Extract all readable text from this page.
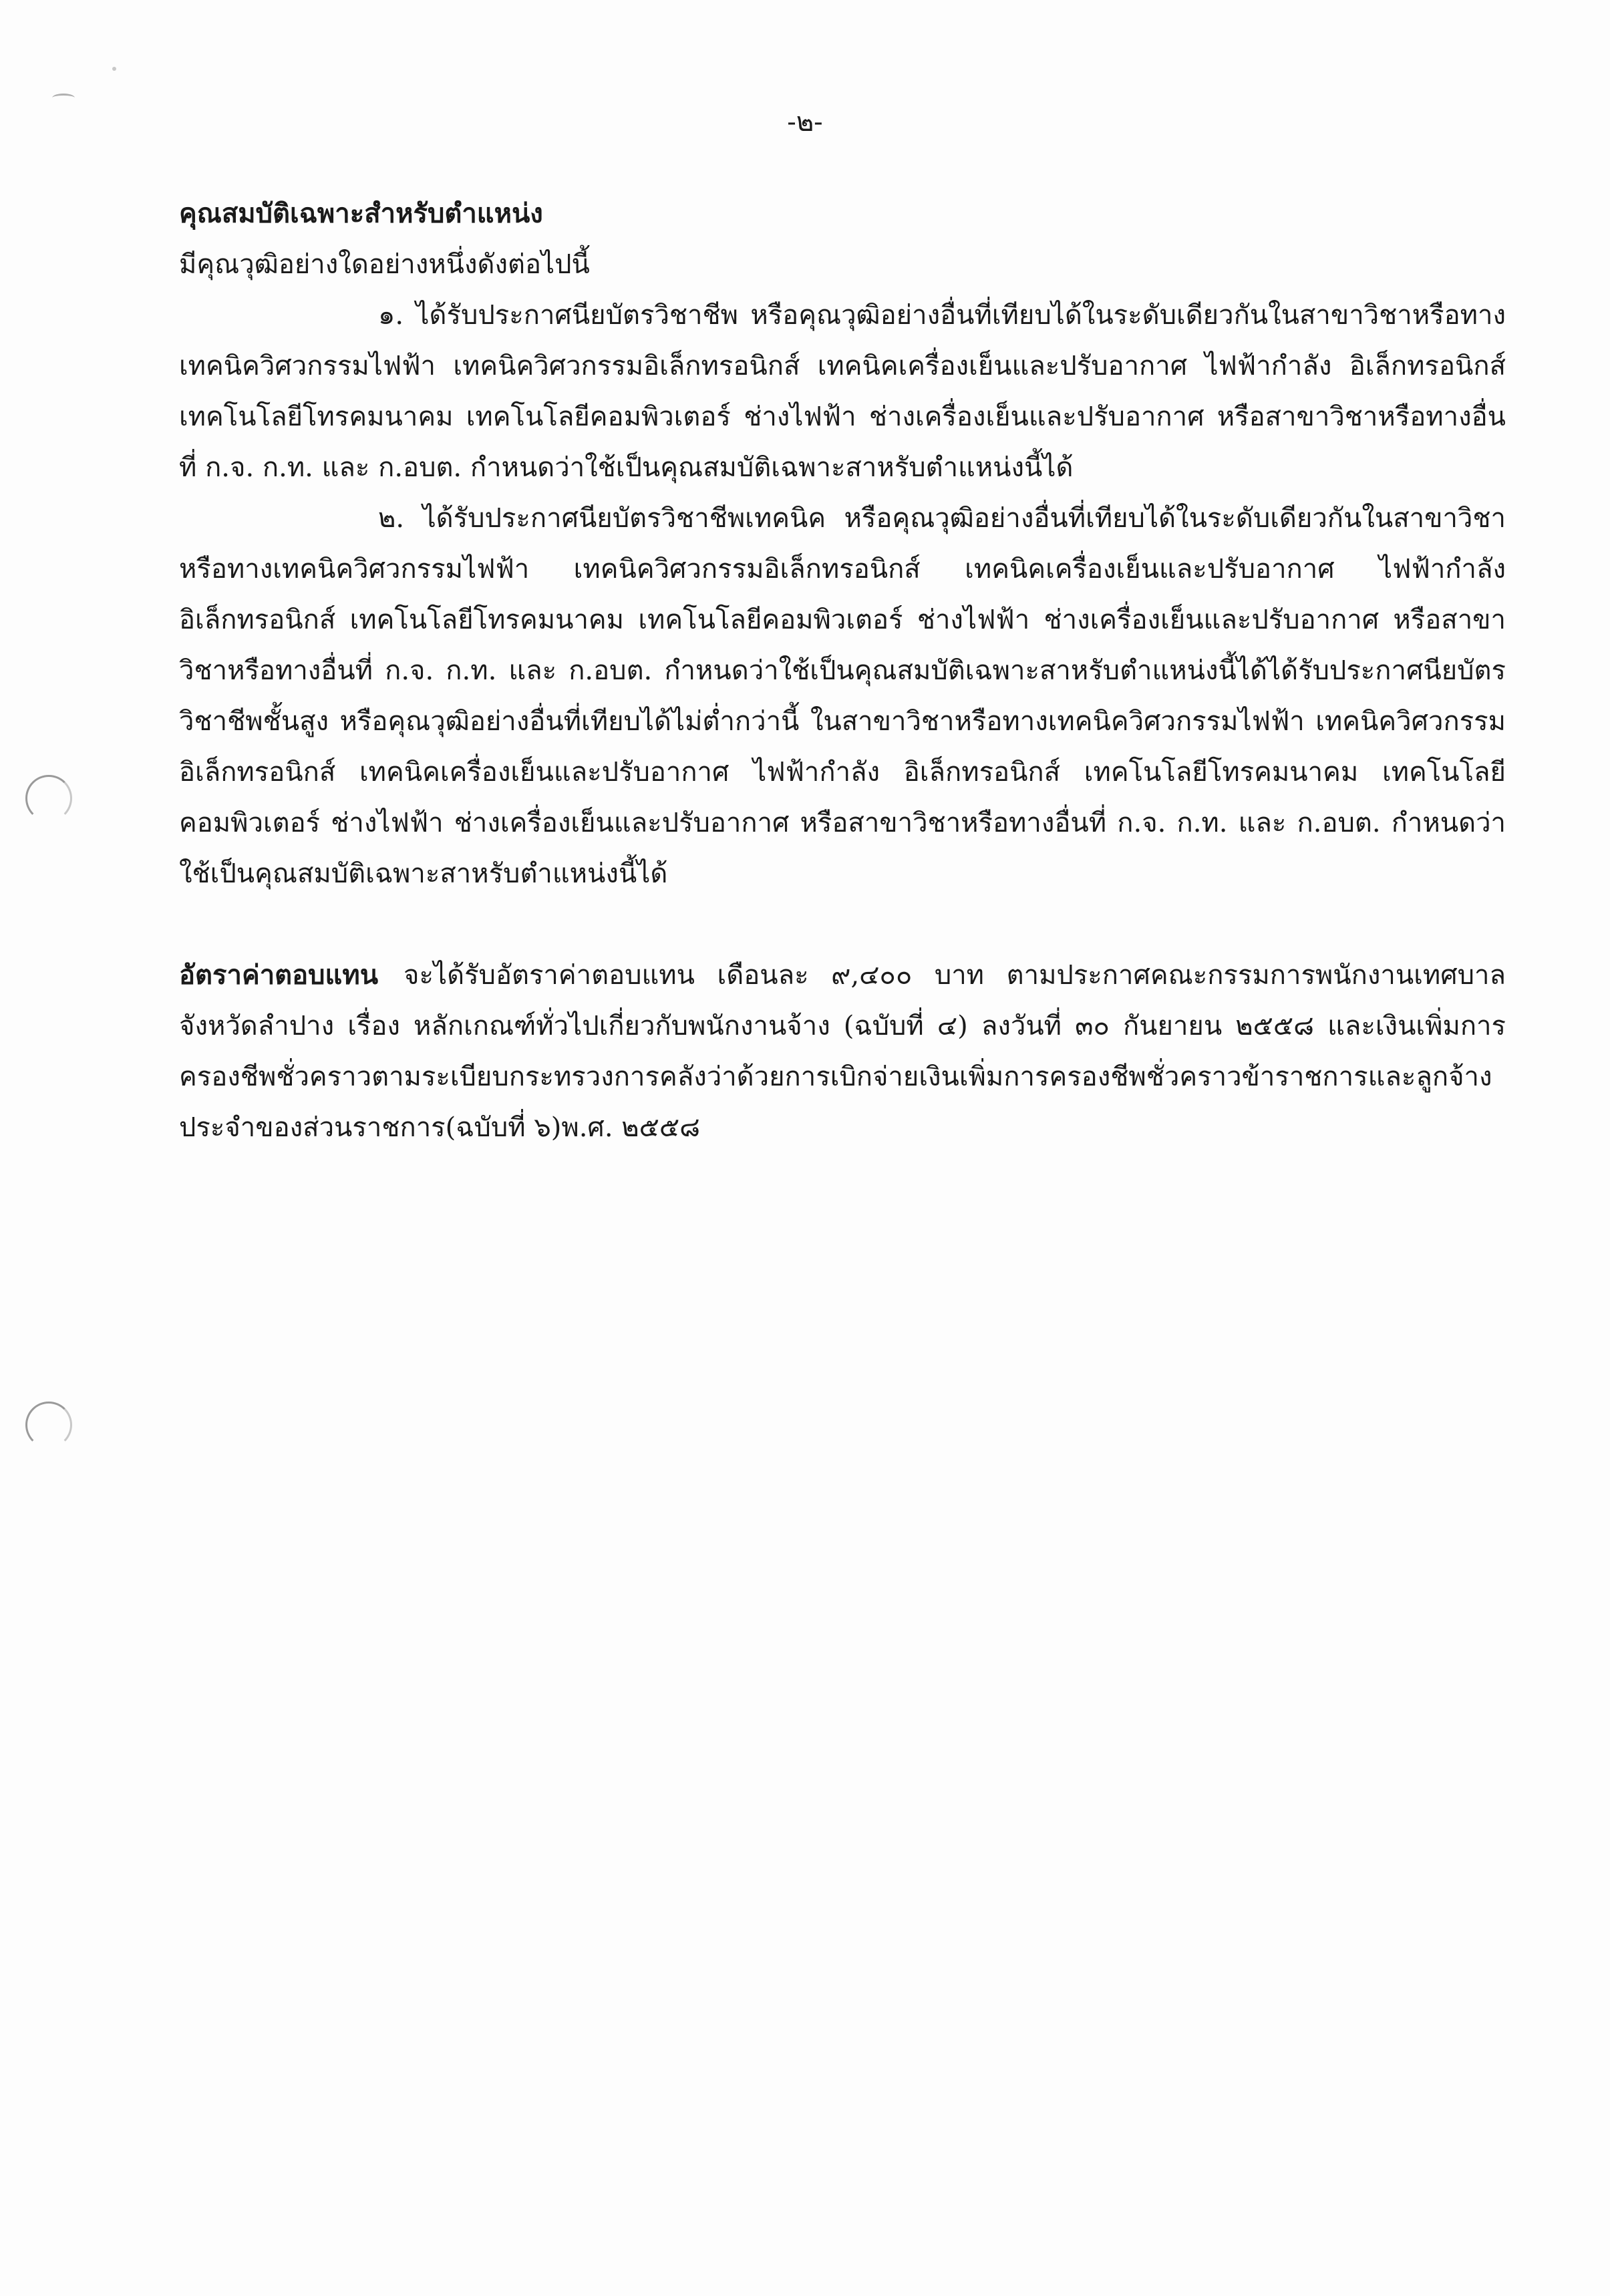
-๒-

คุณสมบัติเฉพาะสำหรับตำแหน่ง

มีคุณวุฒิอย่างใดอย่างหนึ่งดังต่อไปนี้

๑. ได้รับประกาศนียบัตรวิชาชีพ หรือคุณวุฒิอย่างอื่นที่เทียบได้ในระดับเดียวกันในสาขาวิชาหรือทางเทคนิควิศวกรรมไฟฟ้า เทคนิควิศวกรรมอิเล็กทรอนิกส์ เทคนิคเครื่องเย็นและปรับอากาศ ไฟฟ้ากำลัง อิเล็กทรอนิกส์ เทคโนโลยีโทรคมนาคม เทคโนโลยีคอมพิวเตอร์ ช่างไฟฟ้า ช่างเครื่องเย็นและปรับอากาศ หรือสาขาวิชาหรือทางอื่นที่ ก.จ. ก.ท. และ ก.อบต. กำหนดว่าใช้เป็นคุณสมบัติเฉพาะสาหรับตำแหน่งนี้ได้

๒. ได้รับประกาศนียบัตรวิชาชีพเทคนิค หรือคุณวุฒิอย่างอื่นที่เทียบได้ในระดับเดียวกันในสาขาวิชาหรือทางเทคนิควิศวกรรมไฟฟ้า เทคนิควิศวกรรมอิเล็กทรอนิกส์ เทคนิคเครื่องเย็นและปรับอากาศ ไฟฟ้ากำลัง อิเล็กทรอนิกส์ เทคโนโลยีโทรคมนาคม เทคโนโลยีคอมพิวเตอร์ ช่างไฟฟ้า ช่างเครื่องเย็นและปรับอากาศ หรือสาขาวิชาหรือทางอื่นที่ ก.จ. ก.ท. และ ก.อบต. กำหนดว่าใช้เป็นคุณสมบัติเฉพาะสาหรับตำแหน่งนี้ได้ได้รับประกาศนียบัตรวิชาชีพชั้นสูง หรือคุณวุฒิอย่างอื่นที่เทียบได้ไม่ต่ำกว่านี้ ในสาขาวิชาหรือทางเทคนิควิศวกรรมไฟฟ้า เทคนิควิศวกรรมอิเล็กทรอนิกส์ เทคนิคเครื่องเย็นและปรับอากาศ ไฟฟ้ากำลัง อิเล็กทรอนิกส์ เทคโนโลยีโทรคมนาคม เทคโนโลยีคอมพิวเตอร์ ช่างไฟฟ้า ช่างเครื่องเย็นและปรับอากาศ หรือสาขาวิชาหรือทางอื่นที่ ก.จ. ก.ท. และ ก.อบต. กำหนดว่าใช้เป็นคุณสมบัติเฉพาะสาหรับตำแหน่งนี้ได้

อัตราค่าตอบแทน จะได้รับอัตราค่าตอบแทน เดือนละ ๙,๔๐๐ บาท ตามประกาศคณะกรรมการพนักงานเทศบาลจังหวัดลำปาง เรื่อง หลักเกณฑ์ทั่วไปเกี่ยวกับพนักงานจ้าง (ฉบับที่ ๔) ลงวันที่ ๓๐ กันยายน ๒๕๕๘ และเงินเพิ่มการครองชีพชั่วคราวตามระเบียบกระทรวงการคลังว่าด้วยการเบิกจ่ายเงินเพิ่มการครองชีพชั่วคราวข้าราชการและลูกจ้างประจำของส่วนราชการ(ฉบับที่ ๖)พ.ศ. ๒๕๕๘
